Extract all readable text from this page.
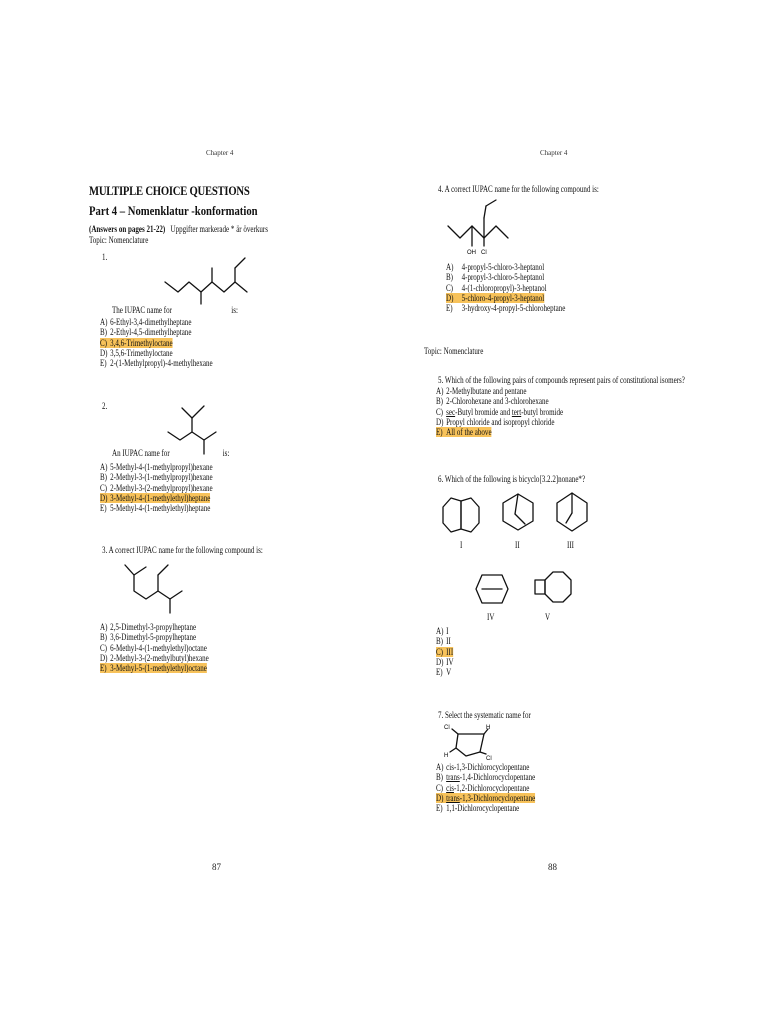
Chapter 4	Chapter 4
MULTIPLE CHOICE QUESTIONS
Part 4 – Nomenklatur -konformation
(Answers on pages 21-22) Uppgifter markerade * är överkurs
Topic: Nomenclature
1.
The IUPAC name for	is:
A) 6-Ethyl-3,4-dimethylheptane
B) 2-Ethyl-4,5-dimethylheptane
C) 3,4,6-Trimethyloctane
D) 3,5,6-Trimethyloctane
E) 2-(1-Methylpropyl)-4-methylhexane
2.
An IUPAC name for	is:
A) 5-Methyl-4-(1-methylpropyl)hexane
B) 2-Methyl-3-(1-methylpropyl)hexane
C) 2-Methyl-3-(2-methylpropyl)hexane
D) 3-Methyl-4-(1-methylethyl)heptane
E) 5-Methyl-4-(1-methylethyl)heptane
3. A correct IUPAC name for the following compound is:
A) 2,5-Dimethyl-3-propylheptane
B) 3,6-Dimethyl-5-propylheptane
C) 6-Methyl-4-(1-methylethyl)octane
D) 2-Methyl-3-(2-methylbutyl)hexane
E) 3-Methyl-5-(1-methylethyl)octane
87
4. A correct IUPAC name for the following compound is:
OH Cl
A) 4-propyl-5-chloro-3-heptanol
B) 4-propyl-3-chloro-5-heptanol
C) 4-(1-chloropropyl)-3-heptanol
D) 5-chloro-4-propyl-3-heptanol
E) 3-hydroxy-4-propyl-5-chloroheptane
Topic: Nomenclature
5. Which of the following pairs of compounds represent pairs of constitutional isomers?
A) 2-Methylbutane and pentane
B) 2-Chlorohexane and 3-chlorohexane
C) sec-Butyl bromide and tert-butyl bromide
D) Propyl chloride and isopropyl chloride
E) All of the above
6. Which of the following is bicyclo[3.2.2]nonane*?
I	II	III
IV	V
A) I
B) II
C) III
D) IV
E) V
7. Select the systematic name for
Cl	H
H	Cl
A) cis-1,3-Dichlorocyclopentane
B) trans-1,4-Dichlorocyclopentane
C) cis-1,2-Dichlorocyclopentane
D) trans-1,3-Dichlorocyclopentane
E) 1,1-Dichlorocyclopentane
88
